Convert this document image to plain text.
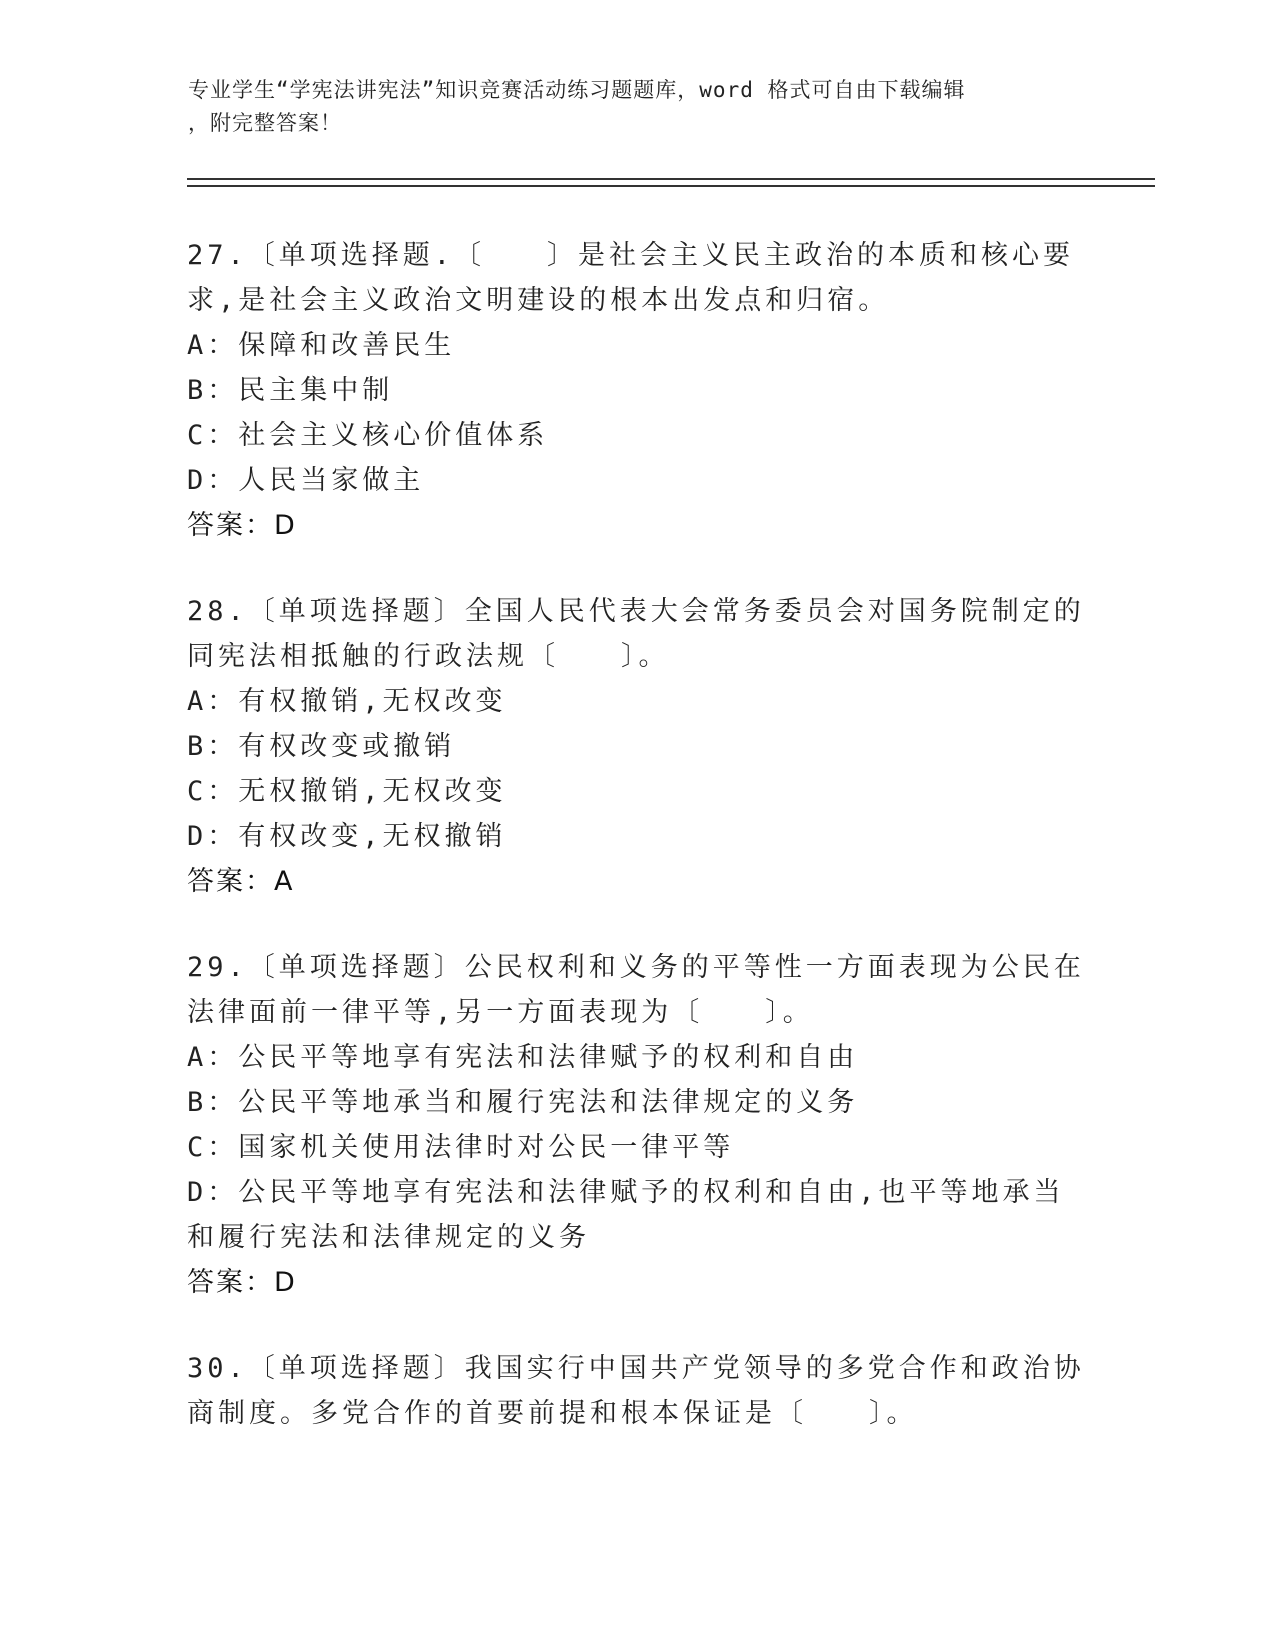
专业学生“学宪法讲宪法”知识竞赛活动练习题题库，word 格式可自由下载编辑
，附完整答案！
27.〔单项选择题.〔　　〕是社会主义民主政治的本质和核心要求,是社会主义政治文明建设的根本出发点和归宿。
A：保障和改善民生
B：民主集中制
C：社会主义核心价值体系
D：人民当家做主
答案：D
28.〔单项选择题〕全国人民代表大会常务委员会对国务院制定的同宪法相抵触的行政法规〔　　〕。
A：有权撤销,无权改变
B：有权改变或撤销
C：无权撤销,无权改变
D：有权改变,无权撤销
答案：A
29.〔单项选择题〕公民权利和义务的平等性一方面表现为公民在法律面前一律平等,另一方面表现为〔　　〕。
A：公民平等地享有宪法和法律赋予的权利和自由
B：公民平等地承当和履行宪法和法律规定的义务
C：国家机关使用法律时对公民一律平等
D：公民平等地享有宪法和法律赋予的权利和自由,也平等地承当和履行宪法和法律规定的义务
答案：D
30.〔单项选择题〕我国实行中国共产党领导的多党合作和政治协商制度。多党合作的首要前提和根本保证是〔　　〕。
